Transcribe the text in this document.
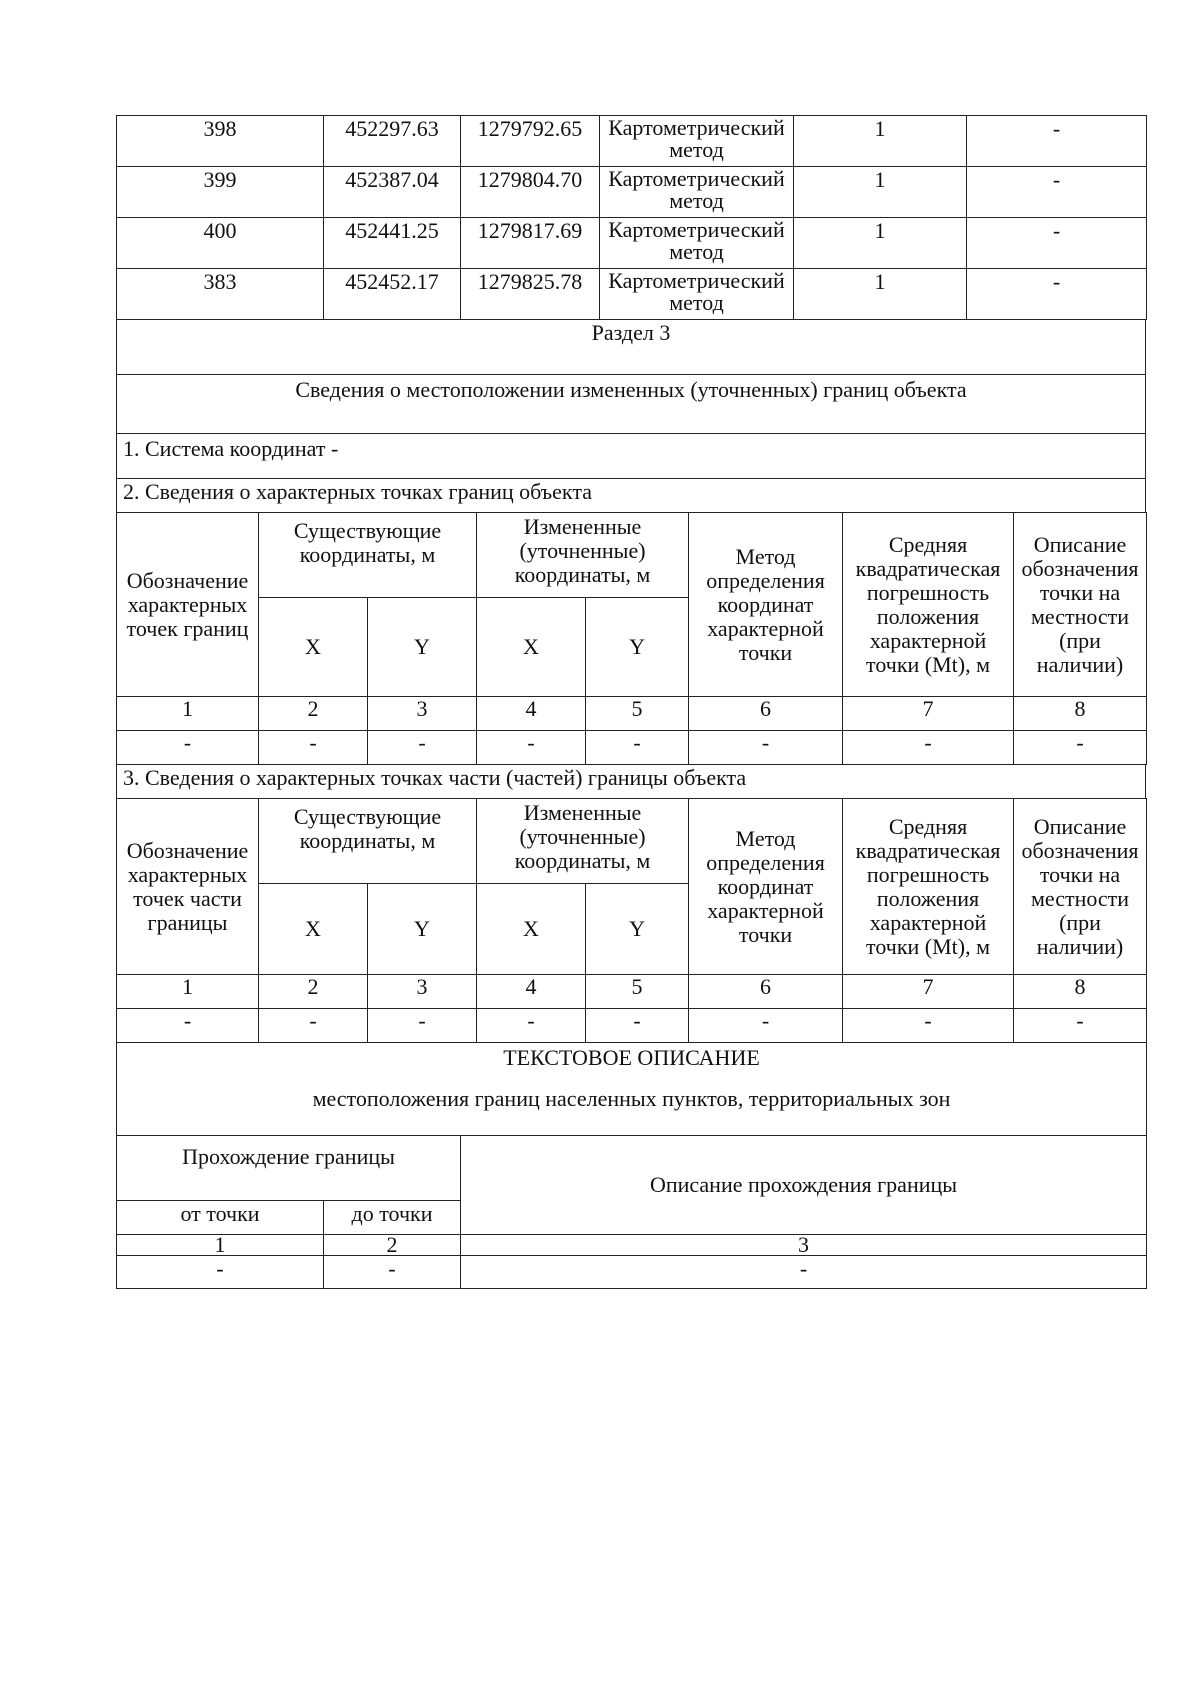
398	452297.63	1279792.65	Картометрический метод	1	-
399	452387.04	1279804.70	Картометрический метод	1	-
400	452441.25	1279817.69	Картометрический метод	1	-
383	452452.17	1279825.78	Картометрический метод	1	-
Раздел 3
Сведения о местоположении измененных (уточненных) границ объекта
1. Система координат -
2. Сведения о характерных точках границ объекта
Обозначение характерных точек границ	Существующие координаты, м		Измененные (уточненные) координаты, м		Метод определения координат характерной точки	Средняя квадратическая погрешность положения характерной точки (Mt), м	Описание обозначения точки на местности (при наличии)
	X	Y	X	Y			
1	2	3	4	5	6	7	8
-	-	-	-	-	-	-	-
3. Сведения о характерных точках части (частей) границы объекта
Обозначение характерных точек части границы	Существующие координаты, м		Измененные (уточненные) координаты, м		Метод определения координат характерной точки	Средняя квадратическая погрешность положения характерной точки (Mt), м	Описание обозначения точки на местности (при наличии)
	X	Y	X	Y			
1	2	3	4	5	6	7	8
-	-	-	-	-	-	-	-
ТЕКСТОВОЕ ОПИСАНИЕ
местоположения границ населенных пунктов, территориальных зон		

Прохождение границы		Описание прохождения границы
от точки	до точки	
1	2	3
-	-	-
